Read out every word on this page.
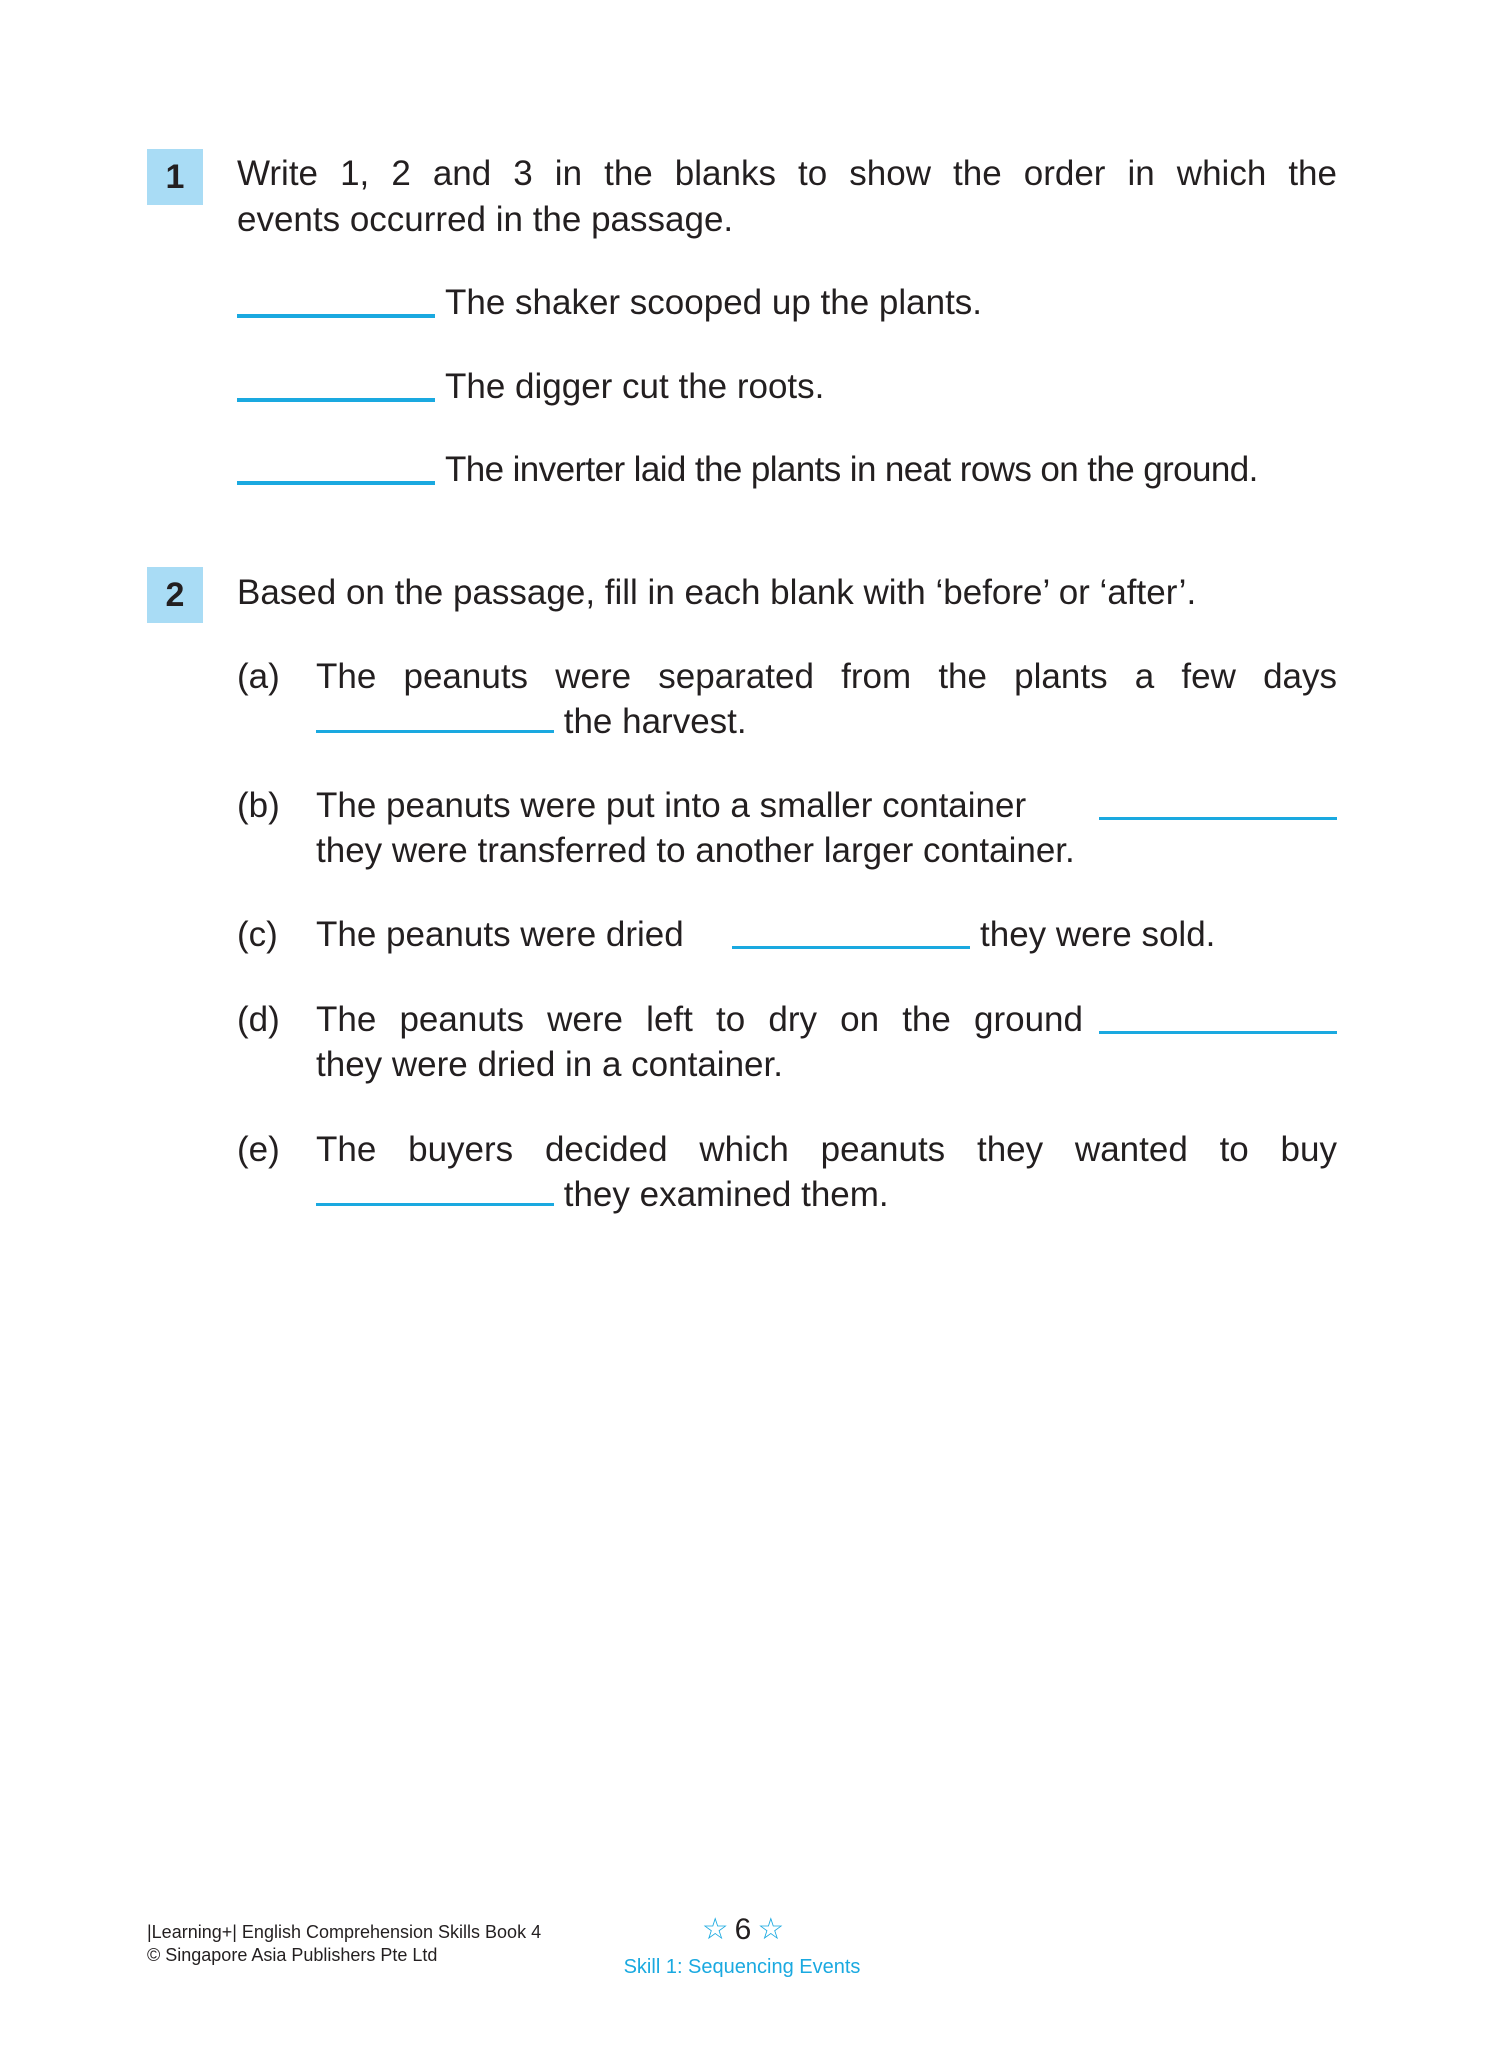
1	Write 1, 2 and 3 in the blanks to show the order in which the
events occurred in the passage.
The shaker scooped up the plants.
The digger cut the roots.
The inverter laid the plants in neat rows on the ground.
2	Based on the passage, fill in each blank with ‘before’ or ‘after’.
(a) The peanuts were separated from the plants a few days
the harvest.
(b) The peanuts were put into a smaller container
they were transferred to another larger container.
(c) The peanuts were dried	they were sold.
(d) The peanuts were left to dry on the ground
they were dried in a container.
(e) The buyers decided which peanuts they wanted to buy
they examined them.
|Learning+| English Comprehension Skills Book 4
© Singapore Asia Publishers Pte Ltd
☆ 6 ☆
Skill 1: Sequencing Events
